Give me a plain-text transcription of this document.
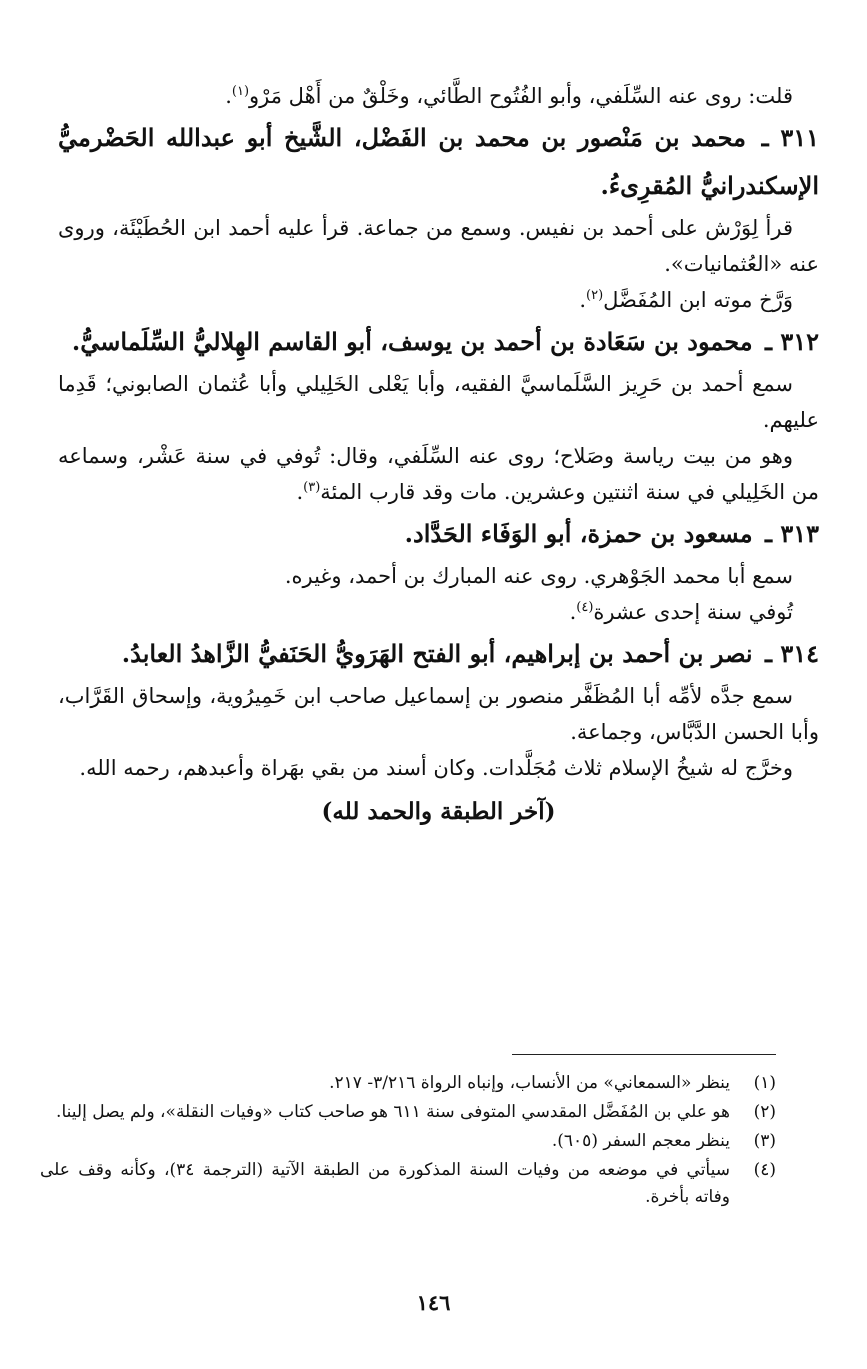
قلت: روى عنه السِّلَفي، وأبو الفُتُوح الطَّائي، وخَلْقٌ من أَهْل مَرْو$^{(١)}$.

٣١١ ـ محمد بن مَنْصور بن محمد بن الفَضْل، الشَّيخ أبو عبدالله الحَضْرميُّ الإسكندرانيُّ المُقرِىءُ.

قرأ لِوَرْش على أحمد بن نفيس. وسمع من جماعة. قرأ عليه أحمد ابن الحُطَيْئَة، وروى عنه «العُثمانيات».

وَرَّخ موته ابن المُفَضَّل$^{(٢)}$.

٣١٢ ـ محمود بن سَعَادة بن أحمد بن يوسف، أبو القاسم الهِلاليُّ السِّلَماسيُّ.

سمع أحمد بن حَرِيز السَّلَماسيَّ الفقيه، وأبا يَعْلى الخَلِيلي وأبا عُثمان الصابوني؛ قَدِما عليهم.

وهو من بيت رياسة وصَلاح؛ روى عنه السِّلَفي، وقال: تُوفي في سنة عَشْر، وسماعه من الخَلِيلي في سنة اثنتين وعشرين. مات وقد قارب المئة$^{(٣)}$.

٣١٣ ـ مسعود بن حمزة، أبو الوَفَاء الحَدَّاد.

سمع أبا محمد الجَوْهري. روى عنه المبارك بن أحمد، وغيره.

تُوفي سنة إحدى عشرة$^{(٤)}$.

٣١٤ ـ نصر بن أحمد بن إبراهيم، أبو الفتح الهَرَويُّ الحَنَفيُّ الزَّاهدُ العابدُ.

سمع جدَّه لأمِّه أبا المُظَفَّر منصور بن إسماعيل صاحب ابن خَمِيرُوية، وإسحاق القَرَّاب، وأبا الحسن الدَّبَّاس، وجماعة.

وخرَّج له شيخُ الإسلام ثلاث مُجَلَّدات. وكان أسند من بقي بهَراة وأعبدهم، رحمه الله.

(آخر الطبقة والحمد لله)

(١)
ينظر «السمعاني» من الأنساب، وإنباه الرواة ٣/٢١٦- ٢١٧.
(٢)
هو علي بن المُفَضَّل المقدسي المتوفى سنة ٦١١ هو صاحب كتاب «وفيات النقلة»، ولم يصل إلينا.
(٣)
ينظر معجم السفر (٦٠٥).
(٤)
سيأتي في موضعه من وفيات السنة المذكورة من الطبقة الآتية (الترجمة ٣٤)، وكأنه وقف على وفاته بأخرة.
١٤٦
